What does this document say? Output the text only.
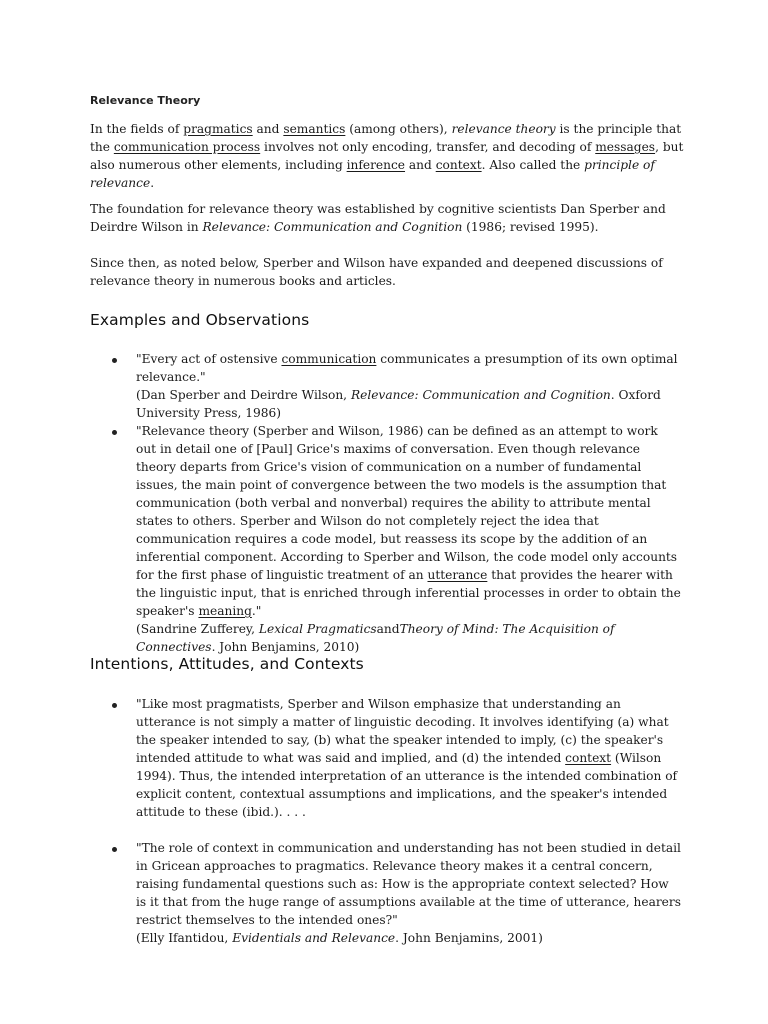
Relevance Theory

In the fields of pragmatics and semantics (among others), relevance theory is the principle that the communication process involves not only encoding, transfer, and decoding of messages, but also numerous other elements, including inference and context. Also called the principle of relevance.

The foundation for relevance theory was established by cognitive scientists Dan Sperber and Deirdre Wilson in Relevance: Communication and Cognition (1986; revised 1995).

Since then, as noted below, Sperber and Wilson have expanded and deepened discussions of relevance theory in numerous books and articles.

Examples and Observations
"Every act of ostensive communication communicates a presumption of its own optimal relevance."
(Dan Sperber and Deirdre Wilson, Relevance: Communication and Cognition. Oxford University Press, 1986)
"Relevance theory (Sperber and Wilson, 1986) can be defined as an attempt to work out in detail one of [Paul] Grice's maxims of conversation. Even though relevance theory departs from Grice's vision of communication on a number of fundamental issues, the main point of convergence between the two models is the assumption that communication (both verbal and nonverbal) requires the ability to attribute mental states to others. Sperber and Wilson do not completely reject the idea that communication requires a code model, but reassess its scope by the addition of an inferential component. According to Sperber and Wilson, the code model only accounts for the first phase of linguistic treatment of an utterance that provides the hearer with the linguistic input, that is enriched through inferential processes in order to obtain the speaker's meaning."
(Sandrine Zufferey, Lexical PragmaticsandTheory of Mind: The Acquisition of Connectives. John Benjamins, 2010)
Intentions, Attitudes, and Contexts
"Like most pragmatists, Sperber and Wilson emphasize that understanding an utterance is not simply a matter of linguistic decoding. It involves identifying (a) what the speaker intended to say, (b) what the speaker intended to imply, (c) the speaker's intended attitude to what was said and implied, and (d) the intended context (Wilson 1994). Thus, the intended interpretation of an utterance is the intended combination of explicit content, contextual assumptions and implications, and the speaker's intended attitude to these (ibid.). . . .
"The role of context in communication and understanding has not been studied in detail in Gricean approaches to pragmatics. Relevance theory makes it a central concern, raising fundamental questions such as: How is the appropriate context selected? How is it that from the huge range of assumptions available at the time of utterance, hearers restrict themselves to the intended ones?"
(Elly Ifantidou, Evidentials and Relevance. John Benjamins, 2001)
